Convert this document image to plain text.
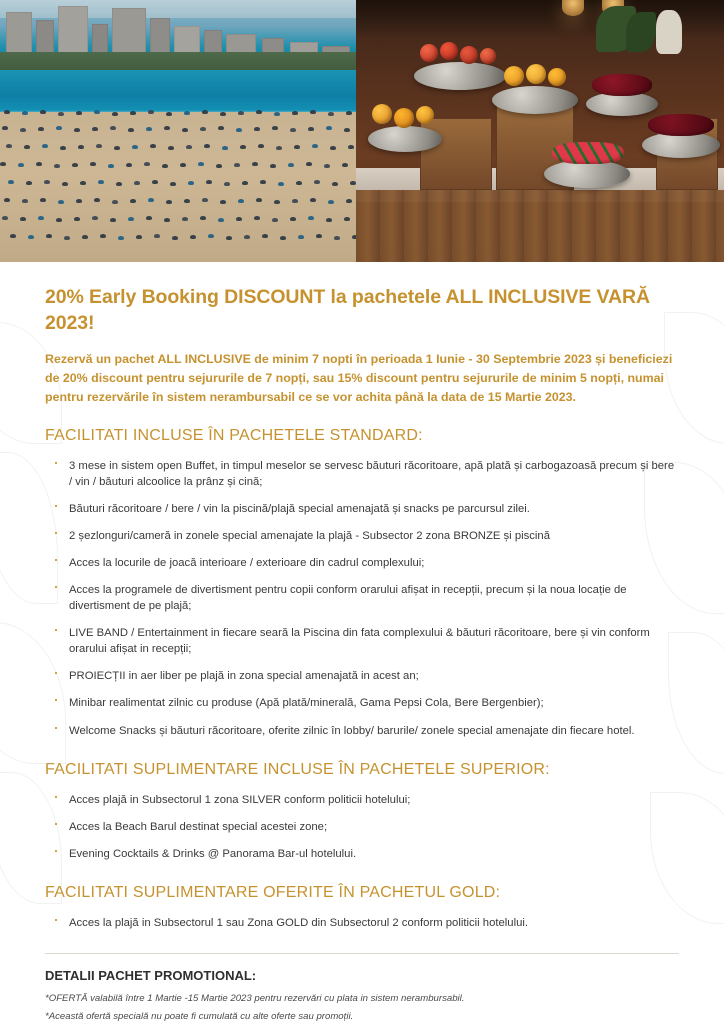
20% Early Booking DISCOUNT la pachetele ALL INCLUSIVE VARĂ 2023!

Rezervă un pachet ALL INCLUSIVE de minim 7 nopti în perioada 1 Iunie - 30 Septembrie 2023 și beneficiezi de 20% discount pentru sejururile de 7 nopți, sau 15% discount pentru sejururile de minim 5 nopți, numai pentru rezervările în sistem nerambursabil ce se vor achita până la data de 15 Martie 2023.

FACILITATI INCLUSE ÎN PACHETELE STANDARD:
· 3 mese in sistem open Buffet, in timpul meselor se servesc băuturi răcoritoare, apă plată și carbogazoasă precum și bere / vin / băuturi alcoolice la prânz și cină;
· Băuturi răcoritoare / bere / vin la piscină/plajă special amenajată și snacks pe parcursul zilei.
· 2 șezlonguri/cameră in zonele special amenajate la plajă - Subsector 2 zona BRONZE și piscină
· Acces la locurile de joacă interioare / exterioare din cadrul complexului;
· Acces la programele de divertisment pentru copii conform orarului afișat in recepții, precum și la noua locație de divertisment de pe plajă;
· LIVE BAND / Entertainment in fiecare seară la Piscina din fata complexului & băuturi răcoritoare, bere și vin conform orarului afișat in recepții;
· PROIECȚII in aer liber pe plajă in zona special amenajată in acest an;
· Minibar realimentat zilnic cu produse (Apă plată/minerală, Gama Pepsi Cola, Bere Bergenbier);
· Welcome Snacks și băuturi răcoritoare, oferite zilnic în lobby/ barurile/ zonele special amenajate din fiecare hotel.
FACILITATI SUPLIMENTARE INCLUSE ÎN PACHETELE SUPERIOR:
· Acces plajă in Subsectorul 1 zona SILVER conform politicii hotelului;
· Acces la Beach Barul destinat special acestei zone;
· Evening Cocktails & Drinks @ Panorama Bar-ul hotelului.
FACILITATI SUPLIMENTARE OFERITE ÎN PACHETUL GOLD:
· Acces la plajă in Subsectorul 1 sau Zona GOLD din Subsectorul 2 conform politicii hotelului.
DETALII PACHET PROMOTIONAL:

*OFERTĂ valabilă între 1 Martie -15 Martie 2023 pentru rezervări cu plata in sistem nerambursabil.

*Această ofertă specială nu poate fi cumulată cu alte oferte sau promoții.
